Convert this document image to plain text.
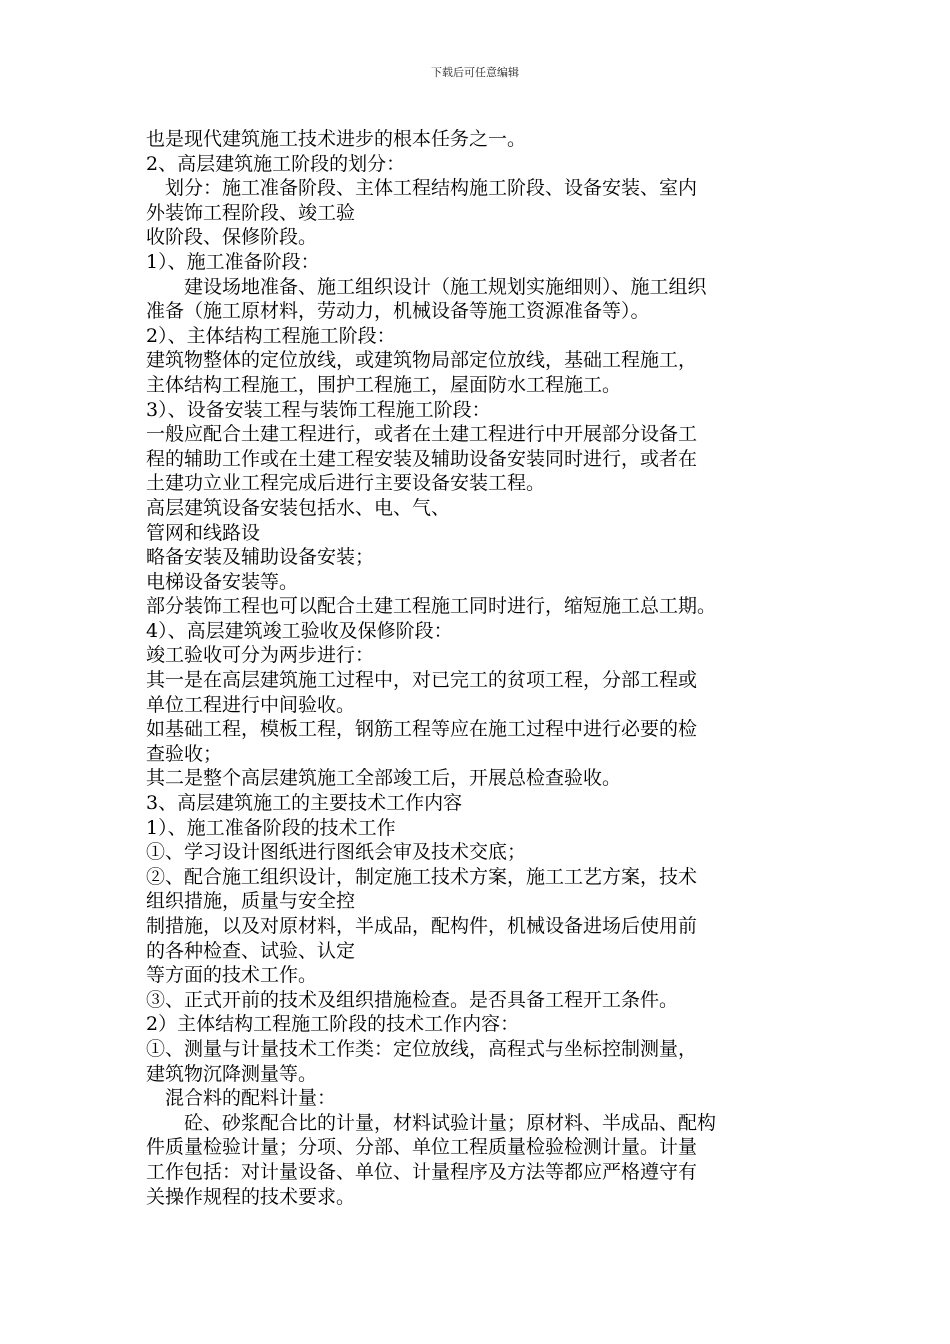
下载后可任意编辑
也是现代建筑施工技术进步的根本任务之一。
2、高层建筑施工阶段的划分：
　划分：施工准备阶段、主体工程结构施工阶段、设备安装、室内
外装饰工程阶段、竣工验
收阶段、保修阶段。
1）、施工准备阶段：
　　建设场地准备、施工组织设计（施工规划实施细则）、施工组织
准备（施工原材料，劳动力，机械设备等施工资源准备等）。
2）、主体结构工程施工阶段：
建筑物整体的定位放线，或建筑物局部定位放线，基础工程施工，
主体结构工程施工，围护工程施工，屋面防水工程施工。
3）、设备安装工程与装饰工程施工阶段：
一般应配合土建工程进行，或者在土建工程进行中开展部分设备工
程的辅助工作或在土建工程安装及辅助设备安装同时进行，或者在
土建功立业工程完成后进行主要设备安装工程。
高层建筑设备安装包括水、电、气、
管网和线路设
略备安装及辅助设备安装；
电梯设备安装等。
部分装饰工程也可以配合土建工程施工同时进行，缩短施工总工期。
4）、高层建筑竣工验收及保修阶段：
竣工验收可分为两步进行：
其一是在高层建筑施工过程中，对已完工的贫项工程，分部工程或
单位工程进行中间验收。
如基础工程，模板工程，钢筋工程等应在施工过程中进行必要的检
查验收；
其二是整个高层建筑施工全部竣工后，开展总检查验收。
3、高层建筑施工的主要技术工作内容
1）、施工准备阶段的技术工作
①、学习设计图纸进行图纸会审及技术交底；
②、配合施工组织设计，制定施工技术方案，施工工艺方案，技术
组织措施，质量与安全控
制措施，以及对原材料，半成品，配构件，机械设备进场后使用前
的各种检查、试验、认定
等方面的技术工作。
③、正式开前的技术及组织措施检查。是否具备工程开工条件。
2）主体结构工程施工阶段的技术工作内容：
①、测量与计量技术工作类：定位放线，高程式与坐标控制测量，
建筑物沉降测量等。
　混合料的配料计量：
　　砼、砂浆配合比的计量，材料试验计量；原材料、半成品、配构
件质量检验计量；分项、分部、单位工程质量检验检测计量。计量
工作包括：对计量设备、单位、计量程序及方法等都应严格遵守有
关操作规程的技术要求。
